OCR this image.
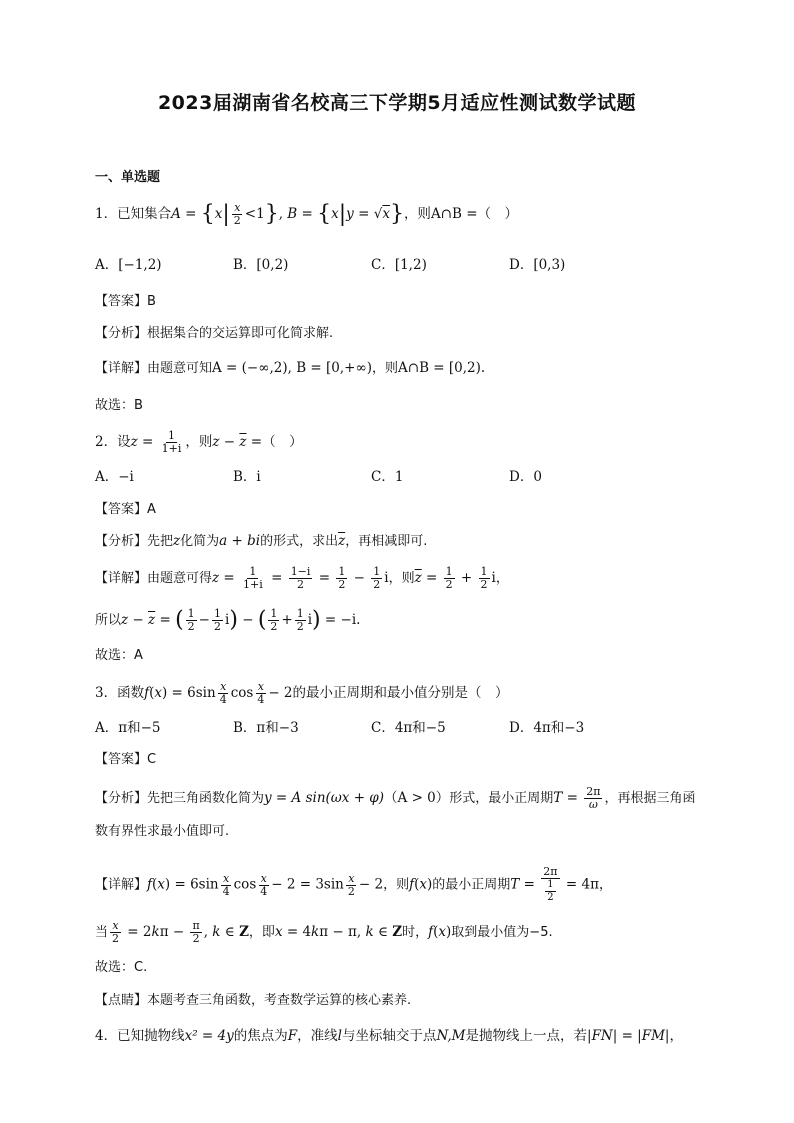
2023届湖南省名校高三下学期5月适应性测试数学试题
一、单选题
1．已知集合$A = \{x| \frac{x}{2} <1\}$, B = {x|y = √x}，则A∩B =（　）
A．[−1,2)	B．[0,2)	C．[1,2)	D．[0,3)
【答案】B
【分析】根据集合的交运算即可化简求解.
【详解】由题意可知A = (−∞,2), B = [0,+∞)，则A∩B = [0,2).
故选：B
2．设$z = \frac{1}{1+i}$ ，则$z - \overline{z}$ =（　）
A．−i	B．i	C．1	D．0
【答案】A
【分析】先把z化简为a + bi的形式，求出$\overline{z}$，再相减即可.
【详解】由题意可得$z = \frac{1}{1+i} = \frac{1-i}{2} = \frac{1}{2} - \frac{1}{2}$ i，则$\overline{z} = \frac{1}{2} + \frac{1}{2}$ i，
所以$z - \overline{z}$ = ( $\frac{1}{2} - \frac{1}{2} i$) − ( $\frac{1}{2} + \frac{1}{2} i) = -i$.
故选：A
3．函数$f(x) = 6\sin \frac{x}{4}$ $\cos \frac{x}{4} - 2$的最小正周期和最小值分别是（　）
A．π和−5	B．π和−3	C．4π和−5	D．4π和−3
【答案】C
【分析】先把三角函数化简为y = A sin(ωx + φ)（A > 0）形式，最小正周期$T = \frac{2\pi}{\omega}$ ，再根据三角函
数有界性求最小值即可.
【详解】$f(x) = 6\sin \frac{x}{4}$ $\cos \frac{x}{4} - 2 = 3\sin \frac{x}{2} - 2$，则f(x)的最小正周期$T = \frac{2\pi}{\frac{1}{2}} = 4\pi$，
当 $\frac{x}{2} = 2k\pi - \frac{\pi}{2}$ , k ∈ Z，即x = 4kπ − π, k ∈ Z时，f(x)取到最小值为−5.
故选：C.
【点睛】本题考查三角函数，考查数学运算的核心素养.
4．已知抛物线x² = 4y的焦点为F，准线l与坐标轴交于点N,M是抛物线上一点，若|FN| = |FM|，
